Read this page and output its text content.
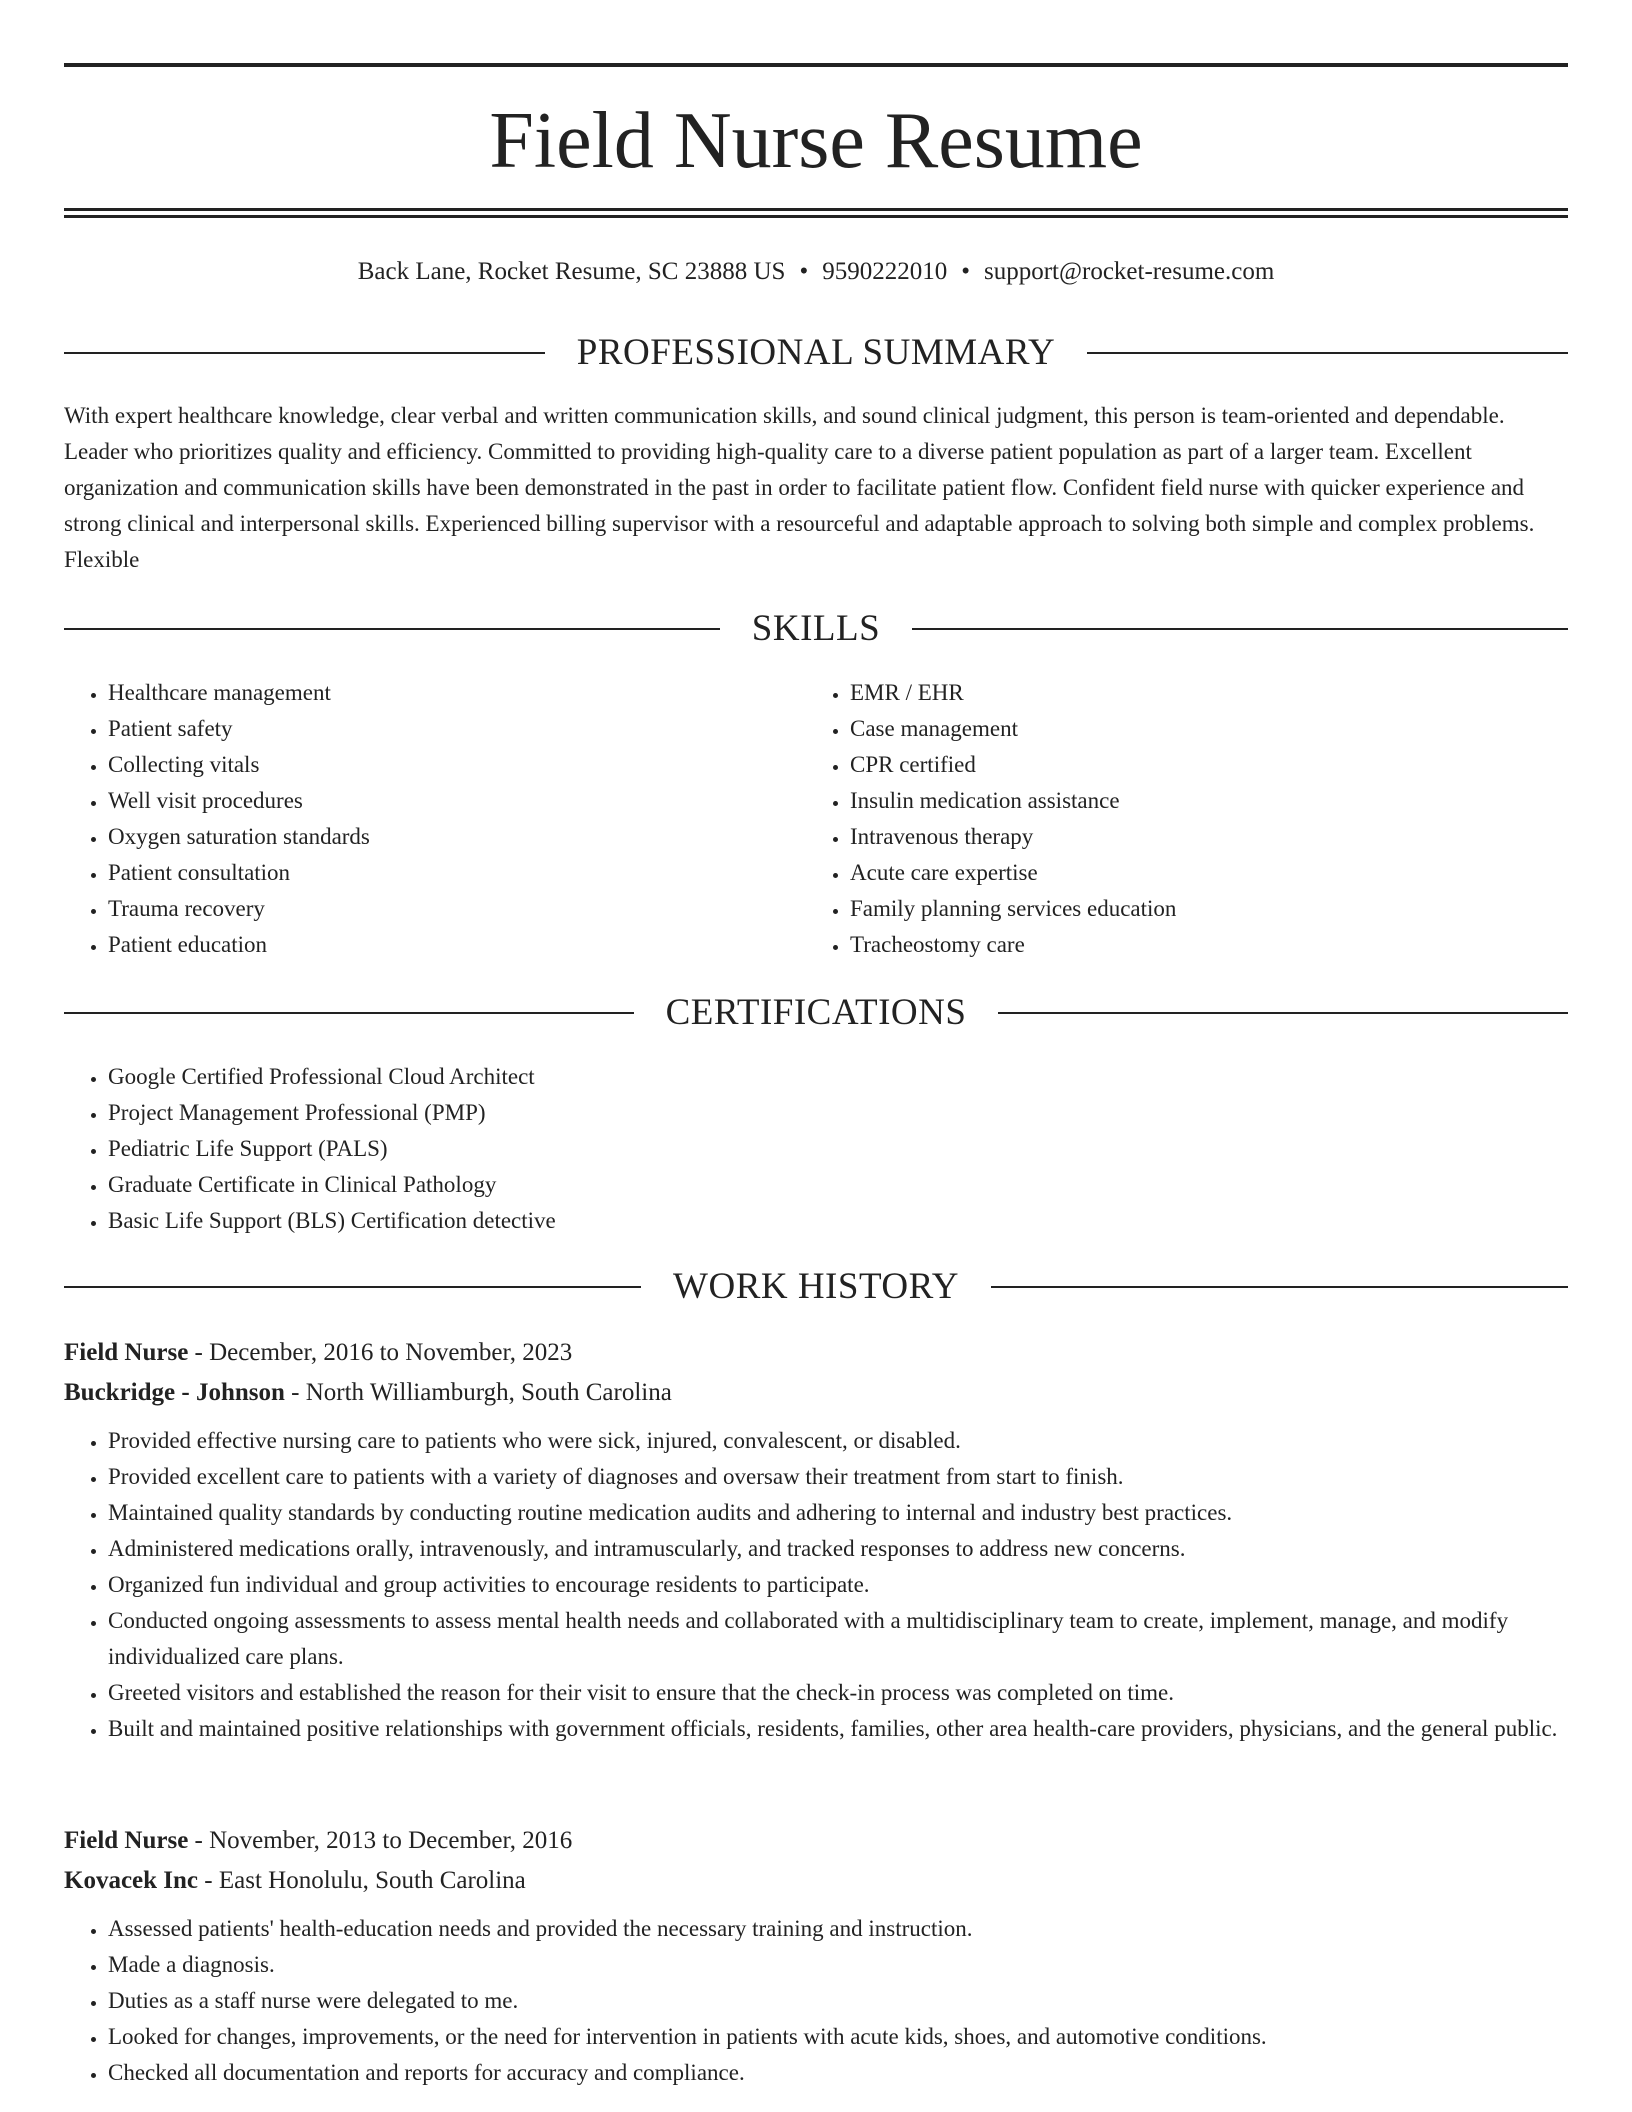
Field Nurse Resume
Back Lane, Rocket Resume, SC 23888 US • 9590222010 • support@rocket-resume.com
PROFESSIONAL SUMMARY

With expert healthcare knowledge, clear verbal and written communication skills, and sound clinical judgment, this person is team-oriented and dependable. Leader who prioritizes quality and efficiency. Committed to providing high-quality care to a diverse patient population as part of a larger team. Excellent organization and communication skills have been demonstrated in the past in order to facilitate patient flow. Confident field nurse with quicker experience and strong clinical and interpersonal skills. Experienced billing supervisor with a resourceful and adaptable approach to solving both simple and complex problems. Flexible

SKILLS
• Healthcare management
• Patient safety
• Collecting vitals
• Well visit procedures
• Oxygen saturation standards
• Patient consultation
• Trauma recovery
• Patient education
• EMR / EHR
• Case management
• CPR certified
• Insulin medication assistance
• Intravenous therapy
• Acute care expertise
• Family planning services education
• Tracheostomy care
CERTIFICATIONS
• Google Certified Professional Cloud Architect
• Project Management Professional (PMP)
• Pediatric Life Support (PALS)
• Graduate Certificate in Clinical Pathology
• Basic Life Support (BLS) Certification detective
WORK HISTORY
Field Nurse - December, 2016 to November, 2023
Buckridge - Johnson - North Williamburgh, South Carolina
• Provided effective nursing care to patients who were sick, injured, convalescent, or disabled.
• Provided excellent care to patients with a variety of diagnoses and oversaw their treatment from start to finish.
• Maintained quality standards by conducting routine medication audits and adhering to internal and industry best practices.
• Administered medications orally, intravenously, and intramuscularly, and tracked responses to address new concerns.
• Organized fun individual and group activities to encourage residents to participate.
• Conducted ongoing assessments to assess mental health needs and collaborated with a multidisciplinary team to create, implement, manage, and modify individualized care plans.
• Greeted visitors and established the reason for their visit to ensure that the check-in process was completed on time.
• Built and maintained positive relationships with government officials, residents, families, other area health-care providers, physicians, and the general public.
Field Nurse - November, 2013 to December, 2016
Kovacek Inc - East Honolulu, South Carolina
• Assessed patients' health-education needs and provided the necessary training and instruction.
• Made a diagnosis.
• Duties as a staff nurse were delegated to me.
• Looked for changes, improvements, or the need for intervention in patients with acute kids, shoes, and automotive conditions.
• Checked all documentation and reports for accuracy and compliance.
